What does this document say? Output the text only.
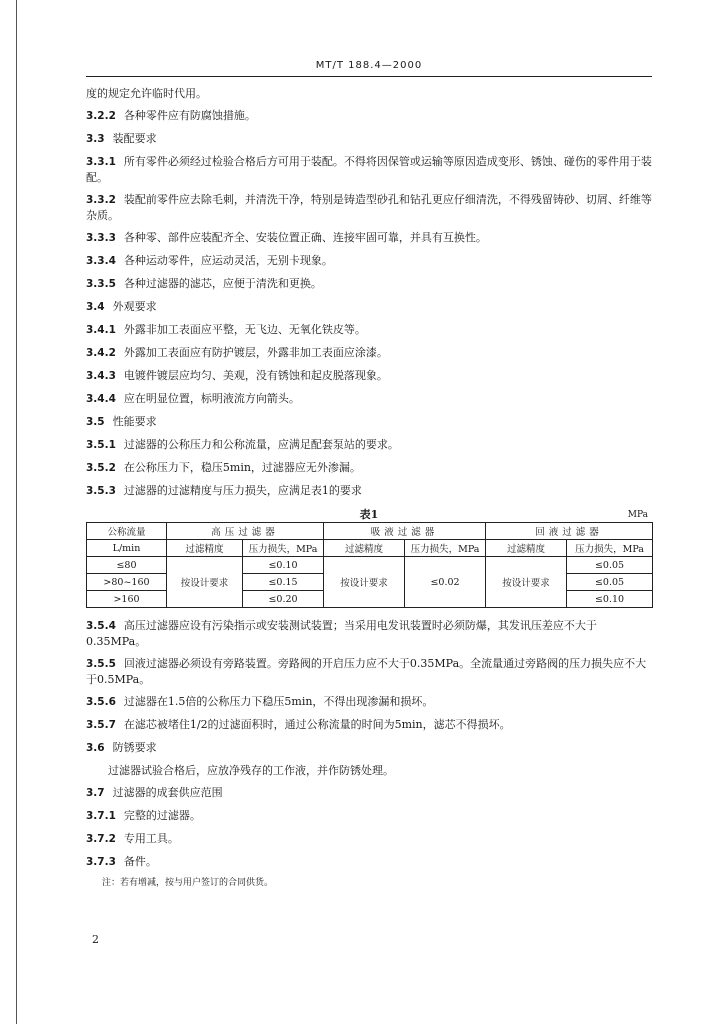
MT/T 188.4—2000
度的规定允许临时代用。
3.2.2 各种零件应有防腐蚀措施。
3.3 装配要求
3.3.1 所有零件必须经过检验合格后方可用于装配。不得将因保管或运输等原因造成变形、锈蚀、碰伤的零件用于装配。
3.3.2 装配前零件应去除毛刺，并清洗干净，特别是铸造型砂孔和钻孔更应仔细清洗，不得残留铸砂、切屑、纤维等杂质。
3.3.3 各种零、部件应装配齐全、安装位置正确、连接牢固可靠，并具有互换性。
3.3.4 各种运动零件，应运动灵活，无别卡现象。
3.3.5 各种过滤器的滤芯，应便于清洗和更换。
3.4 外观要求
3.4.1 外露非加工表面应平整，无飞边、无氧化铁皮等。
3.4.2 外露加工表面应有防护镀层，外露非加工表面应涂漆。
3.4.3 电镀件镀层应均匀、美观，没有锈蚀和起皮脱落现象。
3.4.4 应在明显位置，标明液流方向箭头。
3.5 性能要求
3.5.1 过滤器的公称压力和公称流量，应满足配套泵站的要求。
3.5.2 在公称压力下，稳压5min，过滤器应无外渗漏。
3.5.3 过滤器的过滤精度与压力损失，应满足表1的要求
表1	MPa
公称流量	高压过滤器		吸液过滤器		回液过滤器	
L/min	过滤精度	压力损失，MPa	过滤精度	压力损失，MPa	过滤精度	压力损失，MPa
≤80	按设计要求	≤0.10	按设计要求	≤0.02	按设计要求	≤0.05
>80~160		≤0.15				≤0.05
>160		≤0.20				≤0.10
3.5.4 高压过滤器应设有污染指示或安装测试装置；当采用电发讯装置时必须防爆，其发讯压差应不大于0.35MPa。
3.5.5 回液过滤器必须设有旁路装置。旁路阀的开启压力应不大于0.35MPa。全流量通过旁路阀的压力损失应不大于0.5MPa。
3.5.6 过滤器在1.5倍的公称压力下稳压5min，不得出现渗漏和损坏。
3.5.7 在滤芯被堵住1/2的过滤面积时，通过公称流量的时间为5min，滤芯不得损坏。
3.6 防锈要求
过滤器试验合格后，应放净残存的工作液，并作防锈处理。
3.7 过滤器的成套供应范围
3.7.1 完整的过滤器。
3.7.2 专用工具。
3.7.3 备件。
注：若有增减，按与用户签订的合同供货。
2
